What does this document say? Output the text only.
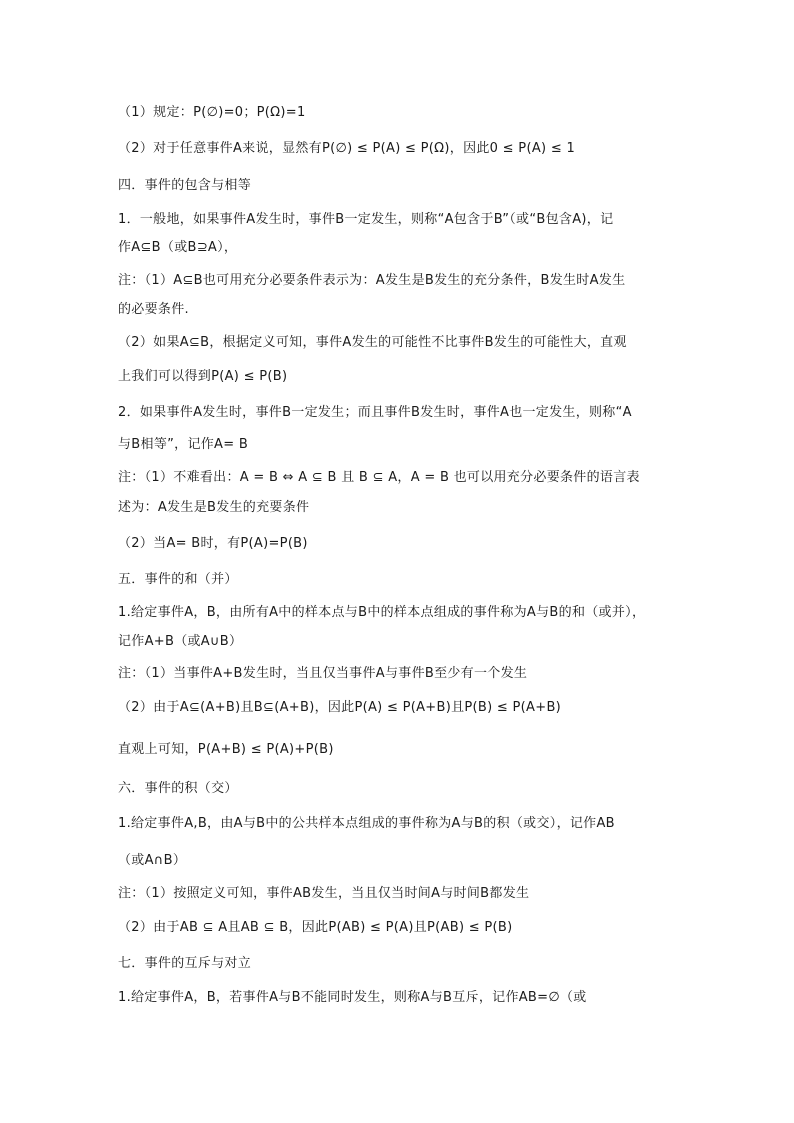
（1）规定：P(∅)=0；P(Ω)=1
（2）对于任意事件A来说，显然有P(∅) ≤ P(A) ≤ P(Ω)，因此0 ≤ P(A) ≤ 1
四．事件的包含与相等
1．一般地，如果事件A发生时，事件B一定发生，则称“A包含于B”（或“B包含A)，记
作A⊆B（或B⊇A），
注：（1）A⊆B也可用充分必要条件表示为：A发生是B发生的充分条件，B发生时A发生
的必要条件.
（2）如果A⊆B，根据定义可知，事件A发生的可能性不比事件B发生的可能性大，直观
上我们可以得到P(A) ≤ P(B)
2．如果事件A发生时，事件B一定发生；而且事件B发生时，事件A也一定发生，则称“A
与B相等”，记作A= B
注：（1）不难看出：A = B ⇔ A ⊆ B 且 B ⊆ A，A = B 也可以用充分必要条件的语言表
述为：A发生是B发生的充要条件
（2）当A= B时，有P(A)=P(B)
五．事件的和（并）
1.给定事件A，B，由所有A中的样本点与B中的样本点组成的事件称为A与B的和（或并），
记作A+B（或A∪B）
注：（1）当事件A+B发生时，当且仅当事件A与事件B至少有一个发生
（2）由于A⊆(A+B)且B⊆(A+B)，因此P(A) ≤ P(A+B)且P(B) ≤ P(A+B)
直观上可知，P(A+B) ≤ P(A)+P(B)
六．事件的积（交）
1.给定事件A,B，由A与B中的公共样本点组成的事件称为A与B的积（或交），记作AB
（或A∩B）
注：（1）按照定义可知，事件AB发生，当且仅当时间A与时间B都发生
（2）由于AB ⊆ A且AB ⊆ B，因此P(AB) ≤ P(A)且P(AB) ≤ P(B)
七．事件的互斥与对立
1.给定事件A，B，若事件A与B不能同时发生，则称A与B互斥，记作AB=∅（或
